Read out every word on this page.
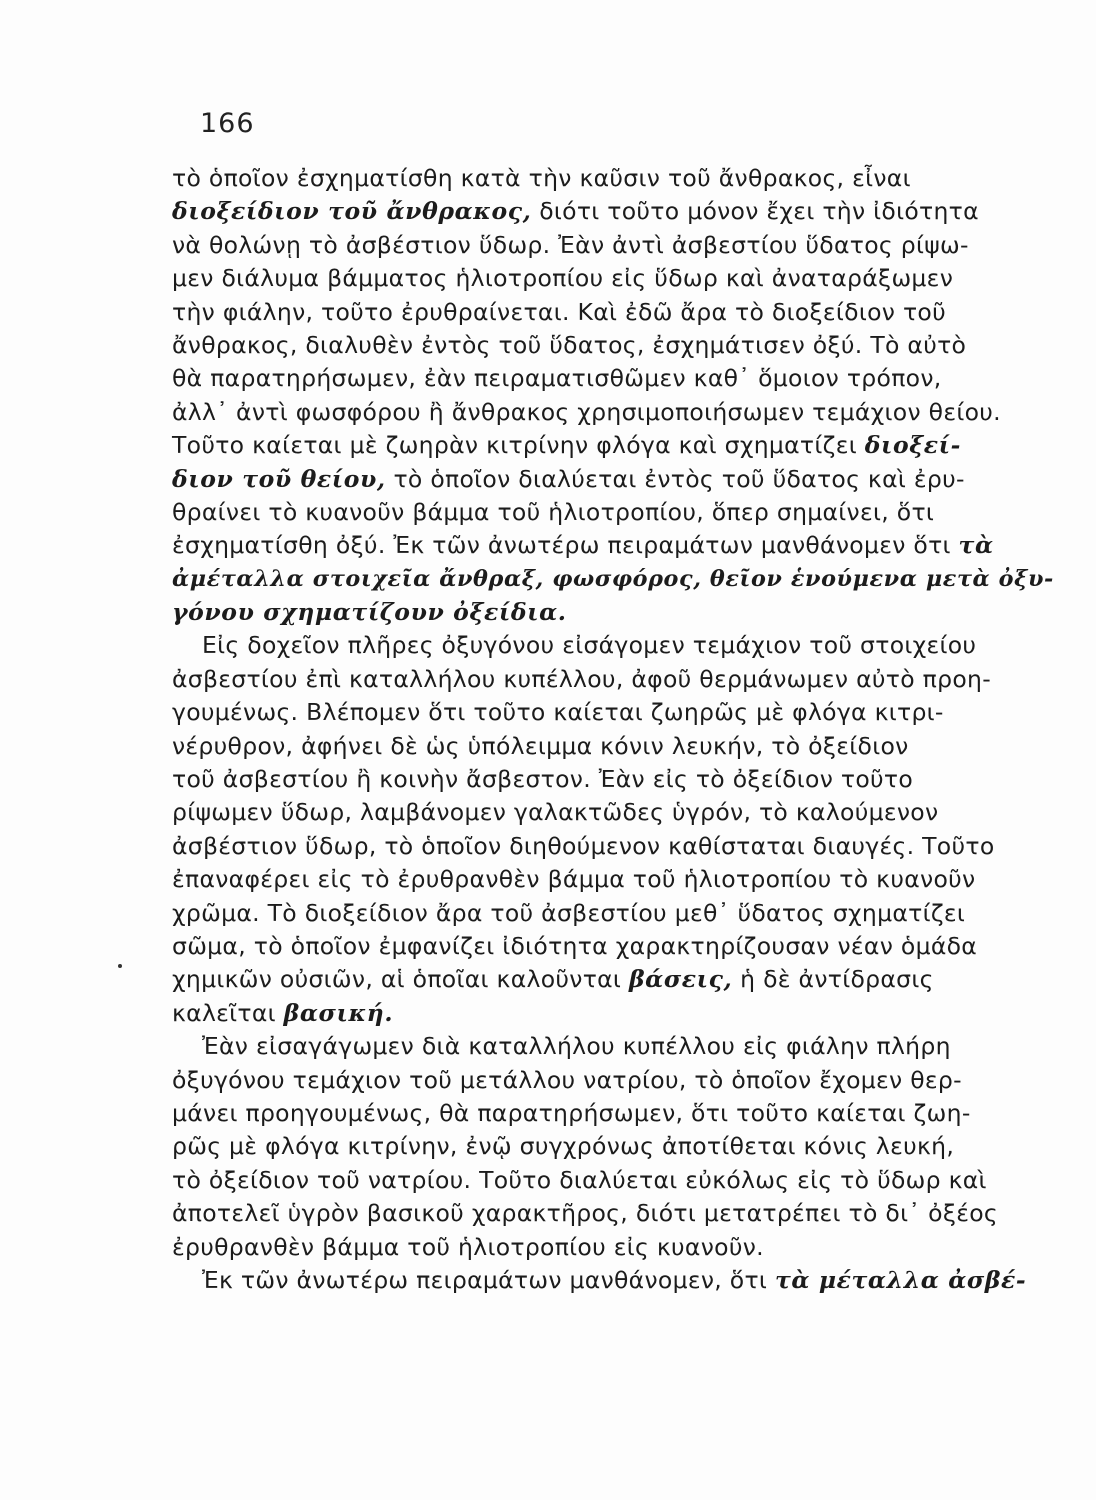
166
τὸ ὁποῖον ἐσχηματίσθη κατὰ τὴν καῦσιν τοῦ ἄνθρακος, εἶναι
διοξείδιον τοῦ ἄνθρακος, διότι τοῦτο μόνον ἔχει τὴν ἰδιότητα
νὰ θολώνῃ τὸ ἀσβέστιον ὕδωρ. Ἐὰν ἀντὶ ἀσβεστίου ὕδατος ρίψω-
μεν διάλυμα βάμματος ἡλιοτροπίου εἰς ὕδωρ καὶ ἀναταράξωμεν
τὴν φιάλην, τοῦτο ἐρυθραίνεται. Καὶ ἐδῶ ἄρα τὸ διοξείδιον τοῦ
ἄνθρακος, διαλυθὲν ἐντὸς τοῦ ὕδατος, ἐσχημάτισεν ὀξύ. Τὸ αὐτὸ
θὰ παρατηρήσωμεν, ἐὰν πειραματισθῶμεν καθ᾽ ὅμοιον τρόπον,
ἀλλ᾽ ἀντὶ φωσφόρου ἢ ἄνθρακος χρησιμοποιήσωμεν τεμάχιον θείου.
Τοῦτο καίεται μὲ ζωηρὰν κιτρίνην φλόγα καὶ σχηματίζει διοξεί-
διον τοῦ θείου, τὸ ὁποῖον διαλύεται ἐντὸς τοῦ ὕδατος καὶ ἐρυ-
θραίνει τὸ κυανοῦν βάμμα τοῦ ἡλιοτροπίου, ὅπερ σημαίνει, ὅτι
ἐσχηματίσθη ὀξύ. Ἐκ τῶν ἀνωτέρω πειραμάτων μανθάνομεν ὅτι τὰ
ἀμέταλλα στοιχεῖα ἄνθραξ, φωσφόρος, θεῖον ἑνούμενα μετὰ ὀξυ-
γόνου σχηματίζουν ὀξείδια.
Εἰς δοχεῖον πλῆρες ὀξυγόνου εἰσάγομεν τεμάχιον τοῦ στοιχείου
ἀσβεστίου ἐπὶ καταλλήλου κυπέλλου, ἀφοῦ θερμάνωμεν αὐτὸ προη-
γουμένως. Βλέπομεν ὅτι τοῦτο καίεται ζωηρῶς μὲ φλόγα κιτρι-
νέρυθρον, ἀφήνει δὲ ὡς ὑπόλειμμα κόνιν λευκήν, τὸ ὀξείδιον
τοῦ ἀσβεστίου ἢ κοινὴν ἄσβεστον. Ἐὰν εἰς τὸ ὀξείδιον τοῦτο
ρίψωμεν ὕδωρ, λαμβάνομεν γαλακτῶδες ὑγρόν, τὸ καλούμενον
ἀσβέστιον ὕδωρ, τὸ ὁποῖον διηθούμενον καθίσταται διαυγές. Τοῦτο
ἐπαναφέρει εἰς τὸ ἐρυθρανθὲν βάμμα τοῦ ἡλιοτροπίου τὸ κυανοῦν
χρῶμα. Τὸ διοξείδιον ἄρα τοῦ ἀσβεστίου μεθ᾽ ὕδατος σχηματίζει
σῶμα, τὸ ὁποῖον ἐμφανίζει ἰδιότητα χαρακτηρίζουσαν νέαν ὁμάδα
χημικῶν οὐσιῶν, αἱ ὁποῖαι καλοῦνται βάσεις, ἡ δὲ ἀντίδρασις
καλεῖται βασική.
Ἐὰν εἰσαγάγωμεν διὰ καταλλήλου κυπέλλου εἰς φιάλην πλήρη
ὀξυγόνου τεμάχιον τοῦ μετάλλου νατρίου, τὸ ὁποῖον ἔχομεν θερ-
μάνει προηγουμένως, θὰ παρατηρήσωμεν, ὅτι τοῦτο καίεται ζωη-
ρῶς μὲ φλόγα κιτρίνην, ἐνῷ συγχρόνως ἀποτίθεται κόνις λευκή,
τὸ ὀξείδιον τοῦ νατρίου. Τοῦτο διαλύεται εὐκόλως εἰς τὸ ὕδωρ καὶ
ἀποτελεῖ ὑγρὸν βασικοῦ χαρακτῆρος, διότι μετατρέπει τὸ δι᾽ ὀξέος
ἐρυθρανθὲν βάμμα τοῦ ἡλιοτροπίου εἰς κυανοῦν.
Ἐκ τῶν ἀνωτέρω πειραμάτων μανθάνομεν, ὅτι τὰ μέταλλα ἀσβέ-
